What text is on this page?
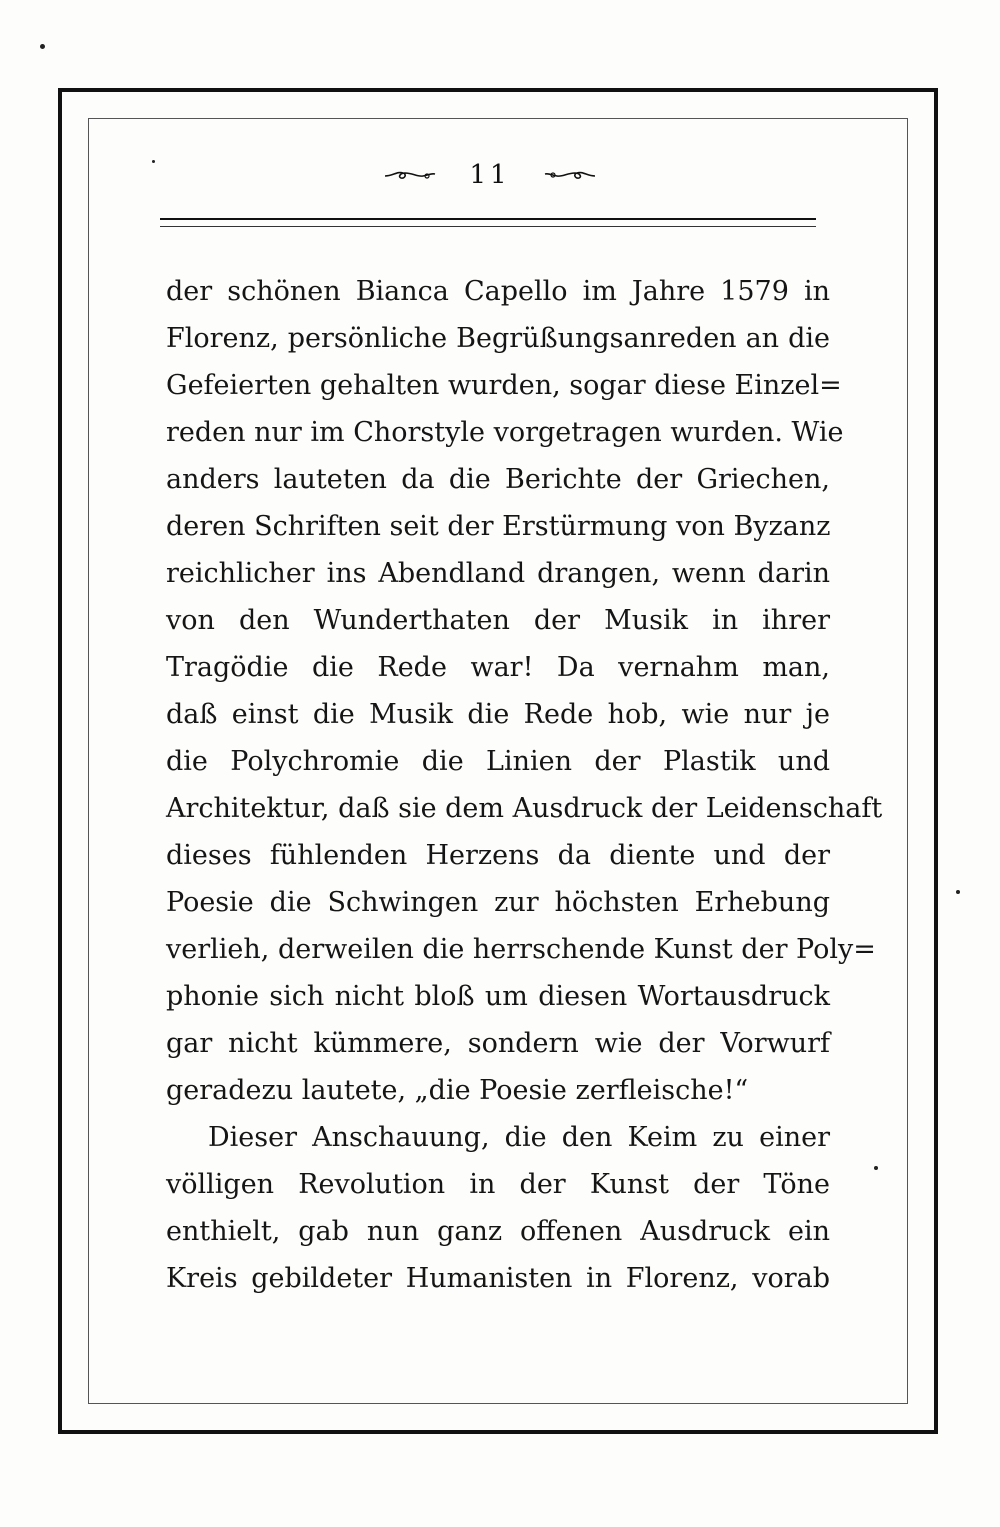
11
der schönen Bianca Capello im Jahre 1579 in
Florenz, persönliche Begrüßungsanreden an die
Gefeierten gehalten wurden, sogar diese Einzel=
reden nur im Chorstyle vorgetragen wurden. Wie
anders lauteten da die Berichte der Griechen,
deren Schriften seit der Erstürmung von Byzanz
reichlicher ins Abendland drangen, wenn darin
von den Wunderthaten der Musik in ihrer
Tragödie die Rede war! Da vernahm man,
daß einst die Musik die Rede hob, wie nur je
die Polychromie die Linien der Plastik und
Architektur, daß sie dem Ausdruck der Leidenschaft
dieses fühlenden Herzens da diente und der
Poesie die Schwingen zur höchsten Erhebung
verlieh, derweilen die herrschende Kunst der Poly=
phonie sich nicht bloß um diesen Wortausdruck
gar nicht kümmere, sondern wie der Vorwurf
geradezu lautete, „die Poesie zerfleische!“
Dieser Anschauung, die den Keim zu einer
völligen Revolution in der Kunst der Töne
enthielt, gab nun ganz offenen Ausdruck ein
Kreis gebildeter Humanisten in Florenz, vorab
